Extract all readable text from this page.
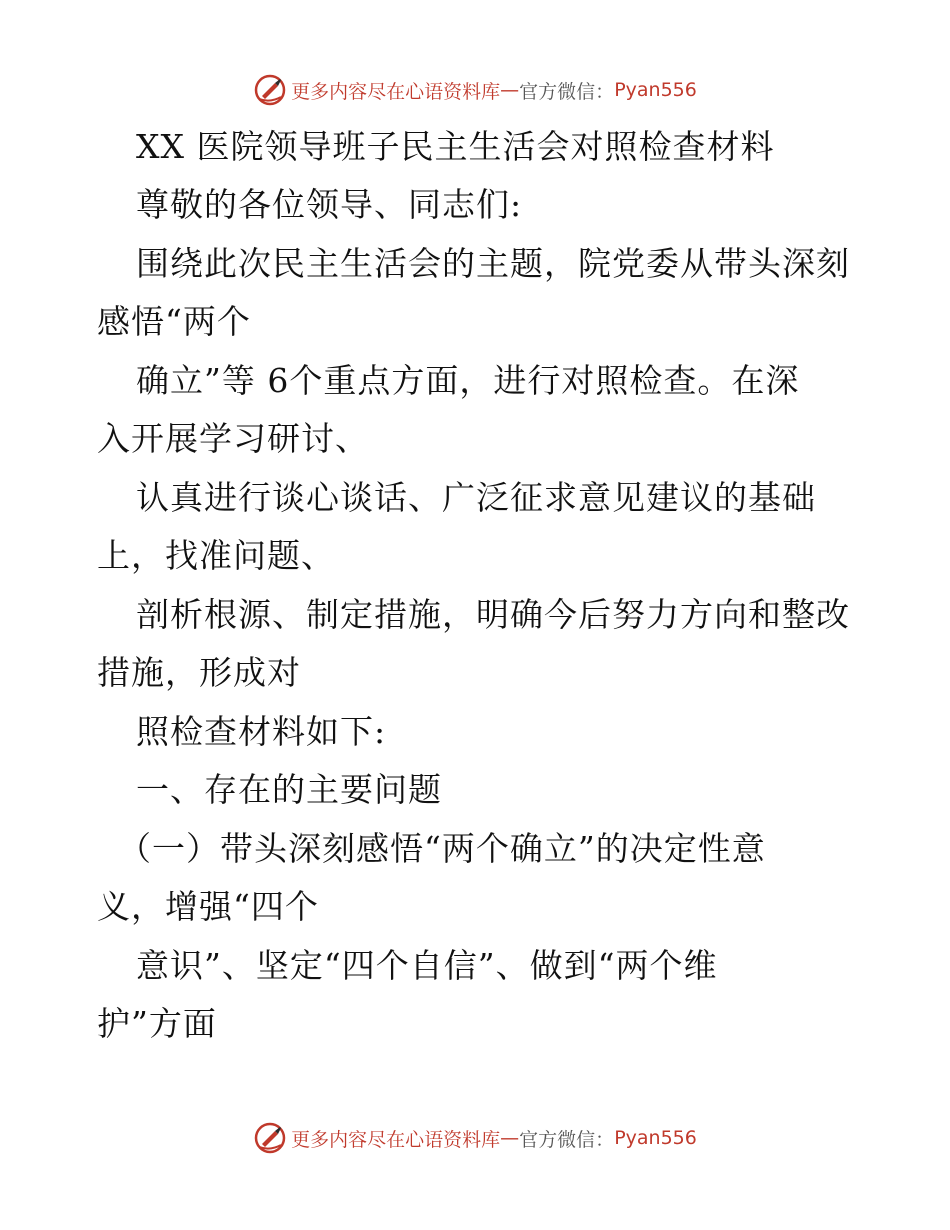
更多内容尽在心语资料库 — 官方微信： Pyan556
XX 医院领导班子民主生活会对照检查材料
尊敬的各位领导、同志们:
围绕此次民主生活会的主题，院党委从带头深刻
感悟“两个
确立”等 6个重点方面，进行对照检查。在深
入开展学习研讨、
认真进行谈心谈话、广泛征求意见建议的基础
上，找准问题、
剖析根源、制定措施，明确今后努力方向和整改
措施，形成对
照检查材料如下:
一、存在的主要问题
（一）带头深刻感悟“两个确立”的决定性意
义，增强“四个
意识”、坚定“四个自信”、做到“两个维
护”方面
更多内容尽在心语资料库 — 官方微信： Pyan556
